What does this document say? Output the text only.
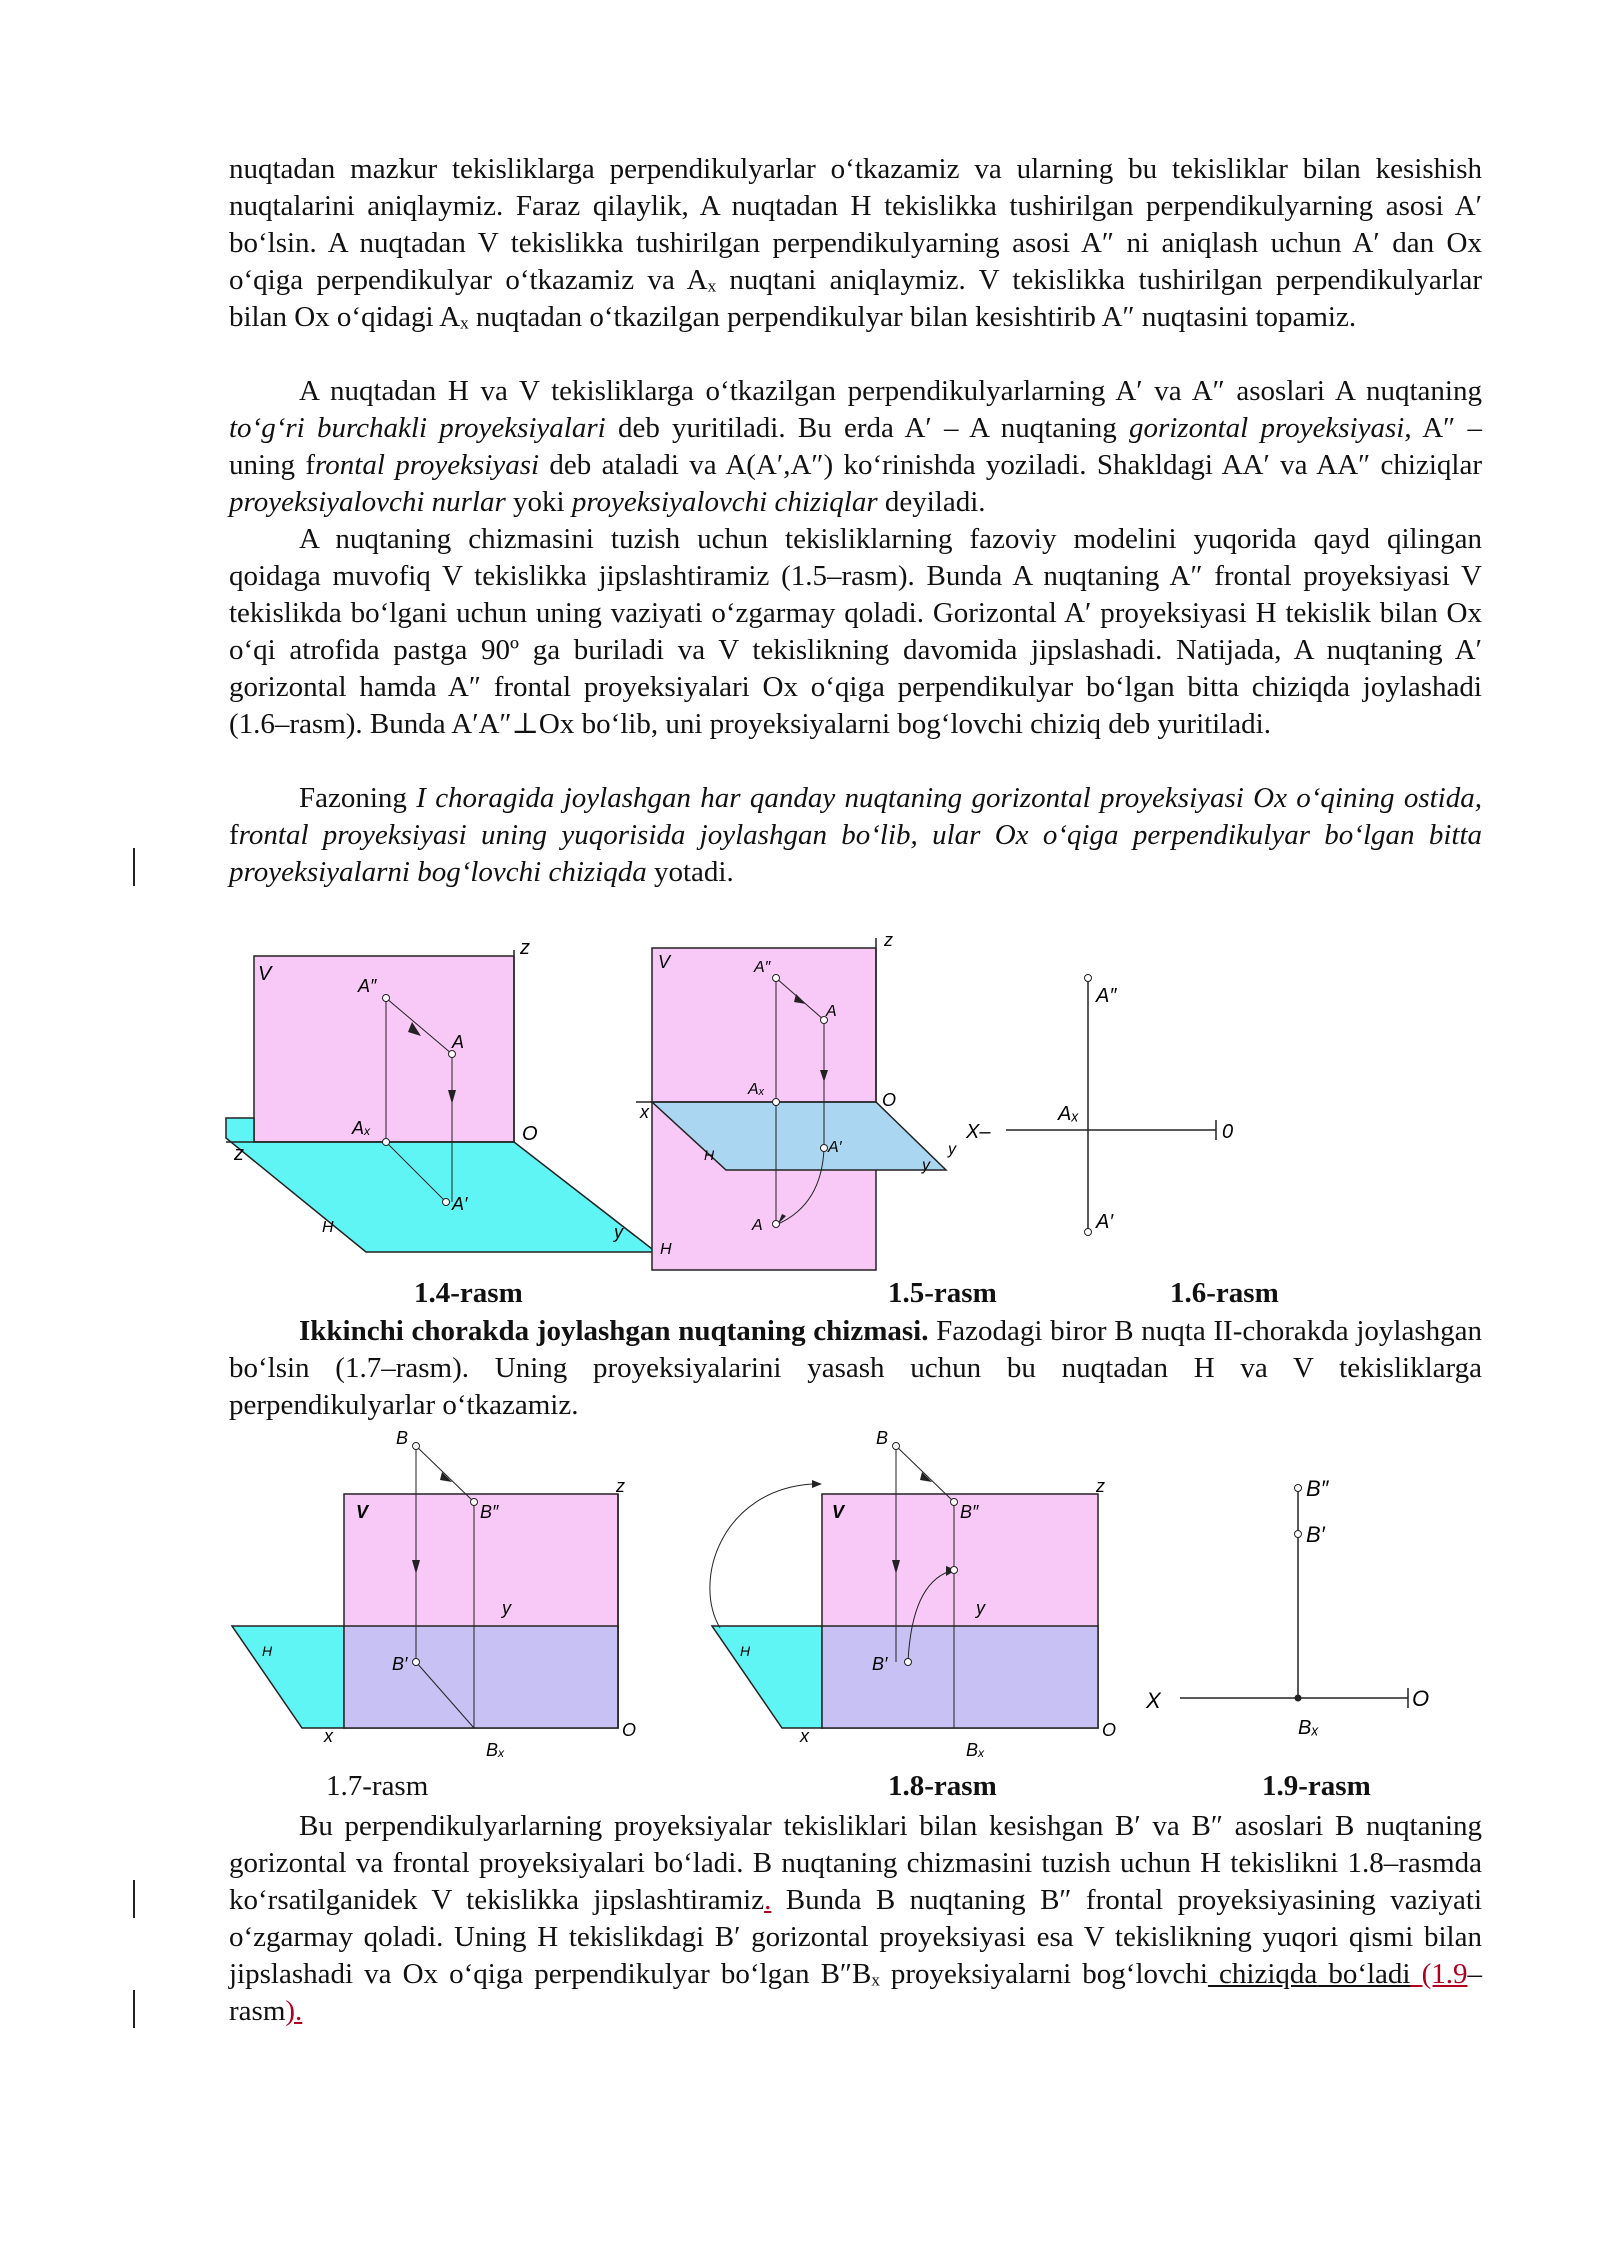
nuqtadan mazkur tekisliklarga perpendikulyarlar o‘tkazamiz va ularning bu tekisliklar bilan kesishish nuqtalarini aniqlaymiz. Faraz qilaylik, A nuqtadan H tekislikka tushirilgan perpendikulyarning asosi A′ bo‘lsin. A nuqtadan V tekislikka tushirilgan perpendikulyarning asosi A″ ni aniqlash uchun A′ dan Ox o‘qiga perpendikulyar o‘tkazamiz va Aₓ nuqtani aniqlaymiz. V tekislikka tushirilgan perpendikulyarlar bilan Ox o‘qidagi Aₓ nuqtadan o‘tkazilgan perpendikulyar bilan kesishtirib A″ nuqtasini topamiz.

A nuqtadan H va V tekisliklarga o‘tkazilgan perpendikulyarlarning A′ va A″ asoslari A nuqtaning to‘g‘ri burchakli proyeksiyalari deb yuritiladi. Bu erda A′ – A nuqtaning gorizontal proyeksiyasi, A″ – uning frontal proyeksiyasi deb ataladi va A(A′,A″) ko‘rinishda yoziladi. Shakldagi AA′ va AA″ chiziqlar proyeksiyalovchi nurlar yoki proyeksiyalovchi chiziqlar deyiladi.

A nuqtaning chizmasini tuzish uchun tekisliklarning fazoviy modelini yuqorida qayd qilingan qoidaga muvofiq V tekislikka jipslashtiramiz (1.5–rasm). Bunda A nuqtaning A″ frontal proyeksiyasi V tekislikda bo‘lgani uchun uning vaziyati o‘zgarmay qoladi. Gorizontal A′ proyeksiyasi H tekislik bilan Ox o‘qi atrofida pastga 90º ga buriladi va V tekislikning davomida jipslashadi. Natijada, A nuqtaning A′ gorizontal hamda A″ frontal proyeksiyalari Ox o‘qiga perpendikulyar bo‘lgan bitta chiziqda joylashadi (1.6–rasm). Bunda A′A″⊥Ox bo‘lib, uni proyeksiyalarni bog‘lovchi chiziq deb yuritiladi.

Fazoning I choragida joylashgan har qanday nuqtaning gorizontal proyeksiyasi Ox o‘qining ostida, frontal proyeksiyasi uning yuqorisida joylashgan bo‘lib, ular Ox o‘qiga perpendikulyar bo‘lgan bitta proyeksiyalarni bog‘lovchi chiziqda yotadi.

V
z
z
O
A″
A
Aₓ
A′
H	y
V
z
x
O
A″
A
Aₓ
A′
A
H
H
y
y
A″
Aₓ
X–	0
A′
1.4-rasm	1.5-rasm	1.6-rasm

Ikkinchi chorakda joylashgan nuqtaning chizmasi. Fazodagi biror B nuqta II-chorakda joylashgan bo‘lsin (1.7–rasm). Uning proyeksiyalarini yasash uchun bu nuqtadan H va V tekisliklarga perpendikulyarlar o‘tkazamiz.

B
V	B″
z
y
B′
H
x	O
Bₓ
B
V	B″
z
y
B′
H
x	O
Bₓ
B″
B′
X	O
Bₓ
1.7-rasm	1.8-rasm	1.9-rasm

Bu perpendikulyarlarning proyeksiyalar tekisliklari bilan kesishgan B′ va B″ asoslari B nuqtaning gorizontal va frontal proyeksiyalari bo‘ladi. B nuqtaning chizmasini tuzish uchun H tekislikni 1.8–rasmda ko‘rsatilganidek V tekislikka jipslashtiramiz. Bunda B nuqtaning B″ frontal proyeksiyasining vaziyati o‘zgarmay qoladi. Uning H tekislikdagi B′ gorizontal proyeksiyasi esa V tekislikning yuqori qismi bilan jipslashadi va Ox o‘qiga perpendikulyar bo‘lgan B″Bₓ proyeksiyalarni bog‘lovchi chiziqda bo‘ladi (1.9–rasm).
